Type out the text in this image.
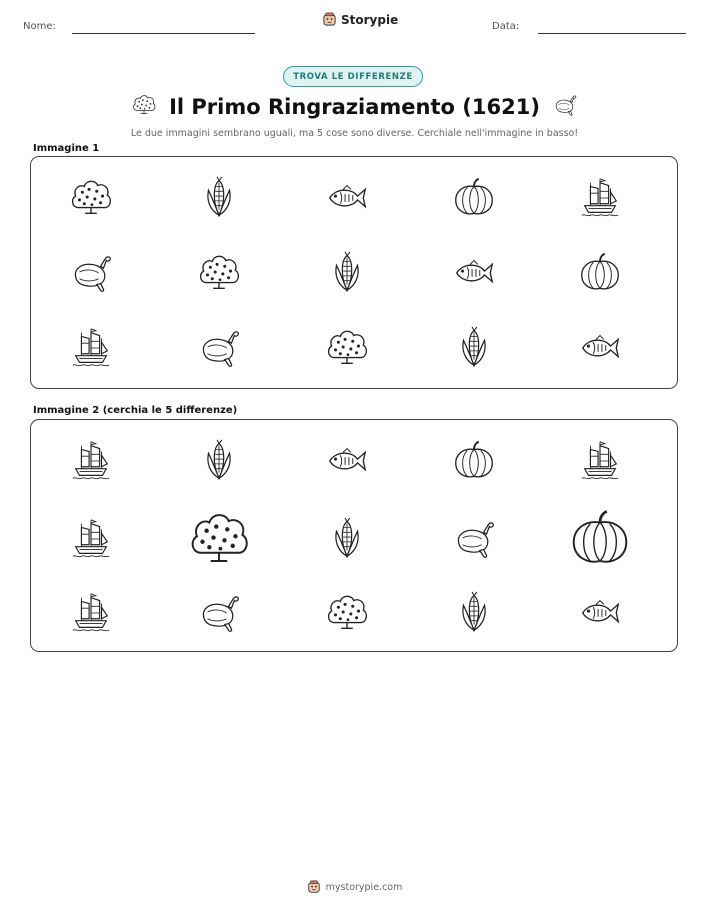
Nome:	Storypie	Data:
TROVA LE DIFFERENZE
Il Primo Ringraziamento (1621)
Le due immagini sembrano uguali, ma 5 cose sono diverse. Cerchiale nell'immagine in basso!
Immagine 1
Immagine 2 (cerchia le 5 differenze)
mystorypie.com
